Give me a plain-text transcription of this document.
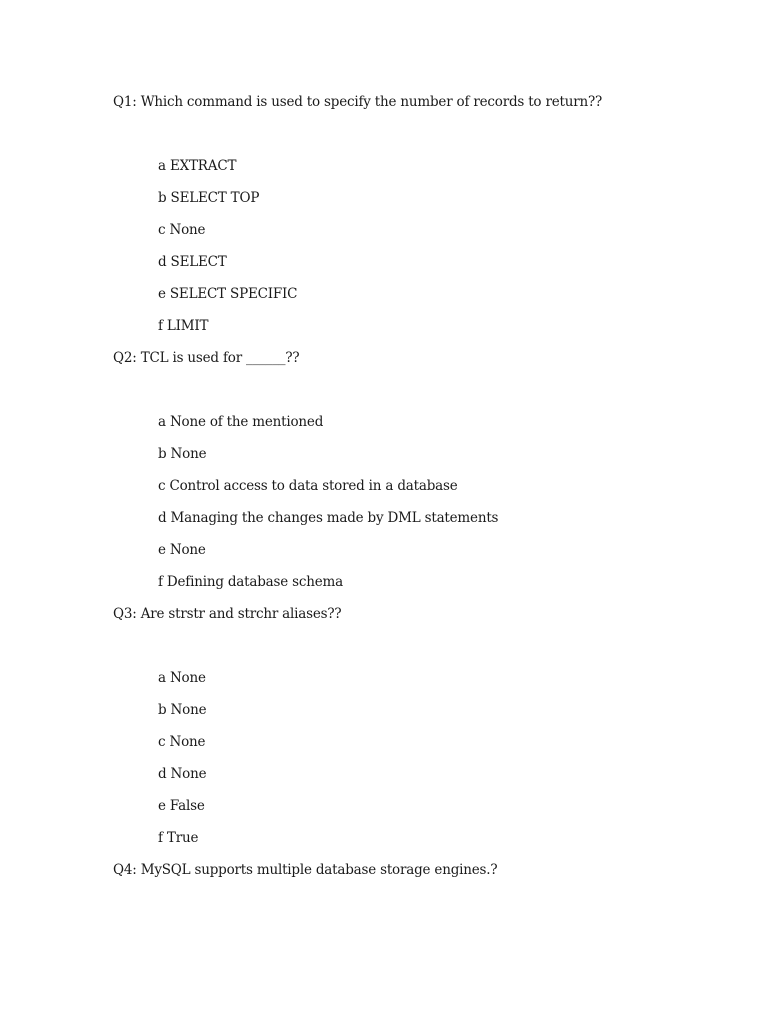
Q1: Which command is used to specify the number of records to return??
a EXTRACT
b SELECT TOP
c None
d SELECT
e SELECT SPECIFIC
f LIMIT
Q2: TCL is used for ______??
a None of the mentioned
b None
c Control access to data stored in a database
d Managing the changes made by DML statements
e None
f Defining database schema
Q3: Are strstr and strchr aliases??
a None
b None
c None
d None
e False
f True
Q4: MySQL supports multiple database storage engines.?
